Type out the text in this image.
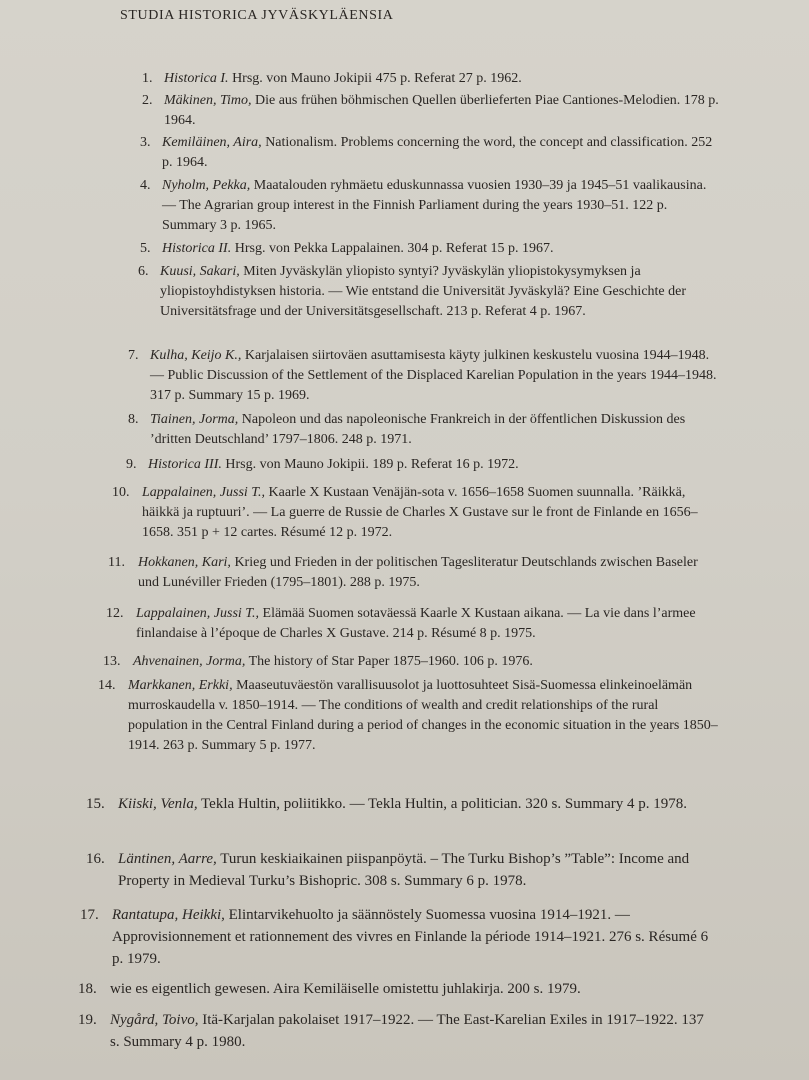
STUDIA HISTORICA JYVÄSKYLÄENSIA
1. Historica I. Hrsg. von Mauno Jokipii 475 p. Referat 27 p. 1962.
2. Mäkinen, Timo, Die aus frühen böhmischen Quellen überlieferten Piae Cantiones-Melodien. 178 p. 1964.
3. Kemiläinen, Aira, Nationalism. Problems concerning the word, the concept and classification. 252 p. 1964.
4. Nyholm, Pekka, Maatalouden ryhmäetu eduskunnassa vuosien 1930–39 ja 1945–51 vaalikausina. — The Agrarian group interest in the Finnish Parliament during the years 1930–51. 122 p. Summary 3 p. 1965.
5. Historica II. Hrsg. von Pekka Lappalainen. 304 p. Referat 15 p. 1967.
6. Kuusi, Sakari, Miten Jyväskylän yliopisto syntyi? Jyväskylän yliopistokysymyksen ja yliopistoyhdistyksen historia. — Wie entstand die Universität Jyväskylä? Eine Geschichte der Universitätsfrage und der Universitätsgesellschaft. 213 p. Referat 4 p. 1967.
7. Kulha, Keijo K., Karjalaisen siirtoväen asuttamisesta käyty julkinen keskustelu vuosina 1944–1948. — Public Discussion of the Settlement of the Displaced Karelian Population in the years 1944–1948. 317 p. Summary 15 p. 1969.
8. Tiainen, Jorma, Napoleon und das napoleonische Frankreich in der öffentlichen Diskussion des ’dritten Deutschland’ 1797–1806. 248 p. 1971.
9. Historica III. Hrsg. von Mauno Jokipii. 189 p. Referat 16 p. 1972.
10. Lappalainen, Jussi T., Kaarle X Kustaan Venäjän-sota v. 1656–1658 Suomen suunnalla. ’Räikkä, häikkä ja ruptuuri’. — La guerre de Russie de Charles X Gustave sur le front de Finlande en 1656–1658. 351 p + 12 cartes. Résumé 12 p. 1972.
11. Hokkanen, Kari, Krieg und Frieden in der politischen Tagesliteratur Deutschlands zwischen Baseler und Lunéviller Frieden (1795–1801). 288 p. 1975.
12. Lappalainen, Jussi T., Elämää Suomen sotaväessä Kaarle X Kustaan aikana. — La vie dans l’armee finlandaise à l’époque de Charles X Gustave. 214 p. Résumé 8 p. 1975.
13. Ahvenainen, Jorma, The history of Star Paper 1875–1960. 106 p. 1976.
14. Markkanen, Erkki, Maaseutuväestön varallisuusolot ja luottosuhteet Sisä-Suomessa elinkeinoelämän murroskaudella v. 1850–1914. — The conditions of wealth and credit relationships of the rural population in the Central Finland during a period of changes in the economic situation in the years 1850–1914. 263 p. Summary 5 p. 1977.
15. Kiiski, Venla, Tekla Hultin, poliitikko. — Tekla Hultin, a politician. 320 s. Summary 4 p. 1978.
16. Läntinen, Aarre, Turun keskiaikainen piispanpöytä. – The Turku Bishop’s ”Table”: Income and Property in Medieval Turku’s Bishopric. 308 s. Summary 6 p. 1978.
17. Rantatupa, Heikki, Elintarvikehuolto ja säännöstely Suomessa vuosina 1914–1921. — Approvisionnement et rationnement des vivres en Finlande la période 1914–1921. 276 s. Résumé 6 p. 1979.
18. wie es eigentlich gewesen. Aira Kemiläiselle omistettu juhlakirja. 200 s. 1979.
19. Nygård, Toivo, Itä-Karjalan pakolaiset 1917–1922. — The East-Karelian Exiles in 1917–1922. 137 s. Summary 4 p. 1980.
